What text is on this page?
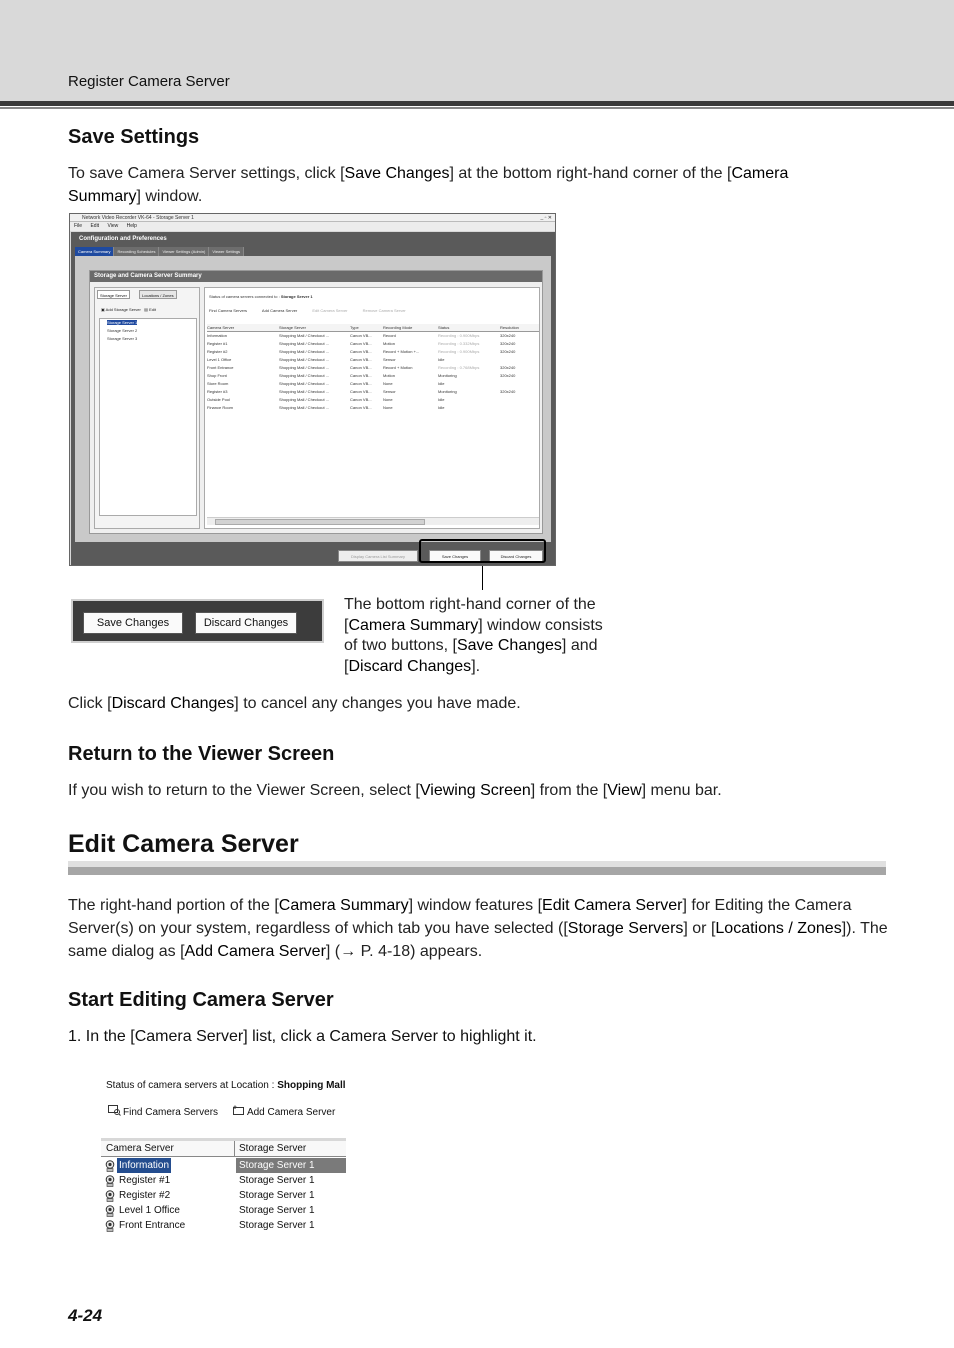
Register Camera Server
Save Settings
To save Camera Server settings, click [Save Changes] at the bottom right-hand corner of the [Camera Summary] window.
Network Video Recorder VK-64 - Storage Server 1	_ ▫ ✕
File Edit View Help
Configuration and Preferences
Camera Summary	Recording Schedules	Viewer Settings (Admin)	Viewer Settings
Storage and Camera Server Summary
Storage Server	Locations / Zones
▣ Add Storage Server ▤ Edit
Storage Server 1
Storage Server 2
Storage Server 3
Status of camera servers connected to : Storage Server 1
Find Camera Servers	Add Camera Server	Edit Camera Server	Remove Camera Server
Camera Server	Storage Server	Type	Recording Mode	Status	Resolution
Information	Shopping Mall / Checkout ...	Canon VB...	Record	Recording : 0.900Mbps	320x240
Register #1	Shopping Mall / Checkout ...	Canon VB...	Motion	Recording : 0.332Mbps	320x240
Register #2	Shopping Mall / Checkout ...	Canon VB...	Record + Motion +...	Recording : 0.900Mbps	320x240
Level 1 Office	Shopping Mall / Checkout ...	Canon VB...	Sensor	Idle
Front Entrance	Shopping Mall / Checkout ...	Canon VB...	Record + Motion	Recording : 0.768Mbps	320x240
Shop Front	Shopping Mall / Checkout ...	Canon VB...	Motion	Monitoring	320x240
Store Room	Shopping Mall / Checkout ...	Canon VB...	None	Idle
Register #3	Shopping Mall / Checkout ...	Canon VB...	Sensor	Monitoring	320x240
Outside Pool	Shopping Mall / Checkout ...	Canon VB...	None	Idle
Finance Room	Shopping Mall / Checkout ...	Canon VB...	None	Idle
Display Camera List Summary	Save Changes	Discard Changes
Save Changes	Discard Changes
The bottom right-hand corner of the [Camera Summary] window consists of two buttons, [Save Changes] and [Discard Changes].
Click [Discard Changes] to cancel any changes you have made.
Return to the Viewer Screen
If you wish to return to the Viewer Screen, select [Viewing Screen] from the [View] menu bar.
Edit Camera Server
The right-hand portion of the [Camera Summary] window features [Edit Camera Server] for Editing the Camera Server(s) on your system, regardless of which tab you have selected ([Storage Servers] or [Locations / Zones]). The same dialog as [Add Camera Server] (→ P. 4-18) appears.
Start Editing Camera Server
1. In the [Camera Server] list, click a Camera Server to highlight it.
Status of camera servers at Location : Shopping Mall
Find Camera Servers	Add Camera Server
Camera Server	Storage Server
Information	Storage Server 1
Register #1	Storage Server 1
Register #2	Storage Server 1
Level 1 Office	Storage Server 1
Front Entrance	Storage Server 1
4-24
